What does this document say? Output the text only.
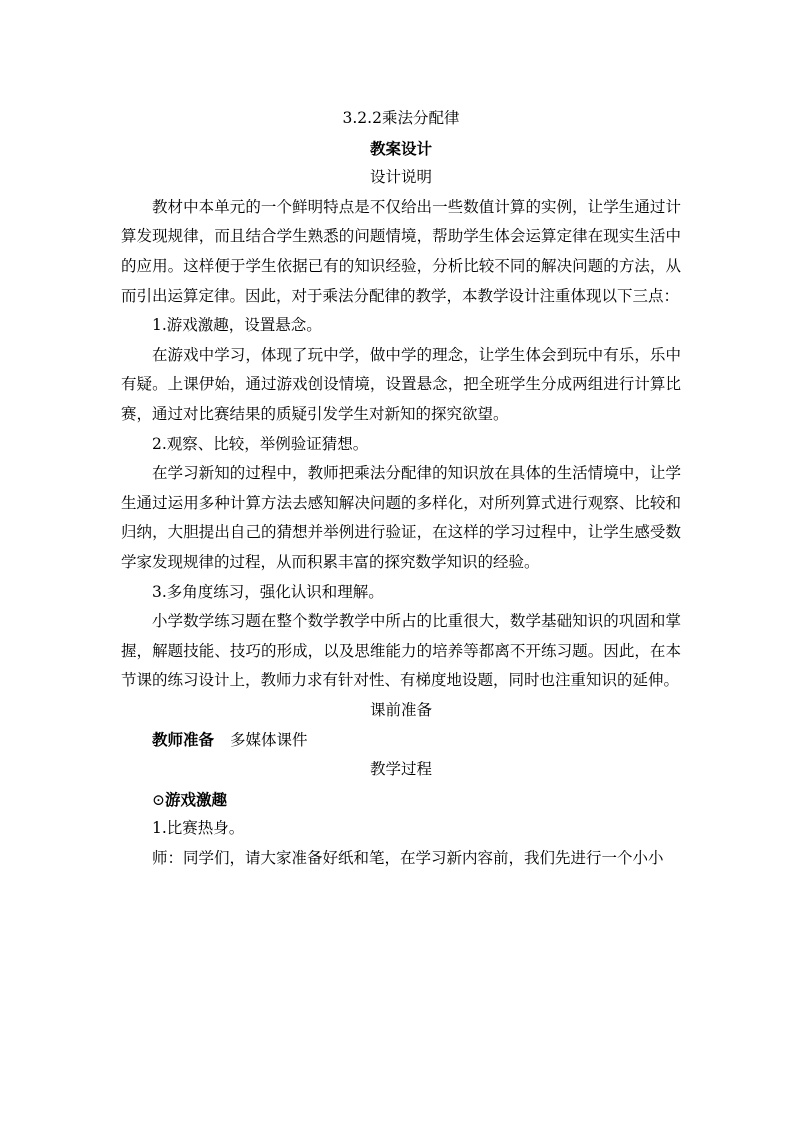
3.2.2乘法分配律
教案设计
设计说明

教材中本单元的一个鲜明特点是不仅给出一些数值计算的实例，让学生通过计算发现规律，而且结合学生熟悉的问题情境，帮助学生体会运算定律在现实生活中的应用。这样便于学生依据已有的知识经验，分析比较不同的解决问题的方法，从而引出运算定律。因此，对于乘法分配律的教学，本教学设计注重体现以下三点：

1.游戏激趣，设置悬念。

在游戏中学习，体现了玩中学，做中学的理念，让学生体会到玩中有乐，乐中有疑。上课伊始，通过游戏创设情境，设置悬念，把全班学生分成两组进行计算比赛，通过对比赛结果的质疑引发学生对新知的探究欲望。

2.观察、比较，举例验证猜想。

在学习新知的过程中，教师把乘法分配律的知识放在具体的生活情境中，让学生通过运用多种计算方法去感知解决问题的多样化，对所列算式进行观察、比较和归纳，大胆提出自己的猜想并举例进行验证，在这样的学习过程中，让学生感受数学家发现规律的过程，从而积累丰富的探究数学知识的经验。

3.多角度练习，强化认识和理解。

小学数学练习题在整个数学教学中所占的比重很大，数学基础知识的巩固和掌握，解题技能、技巧的形成，以及思维能力的培养等都离不开练习题。因此，在本节课的练习设计上，教师力求有针对性、有梯度地设题，同时也注重知识的延伸。

课前准备
教师准备 多媒体课件
教学过程
⊙游戏激趣
1.比赛热身。
师：同学们，请大家准备好纸和笔，在学习新内容前，我们先进行一个小小
